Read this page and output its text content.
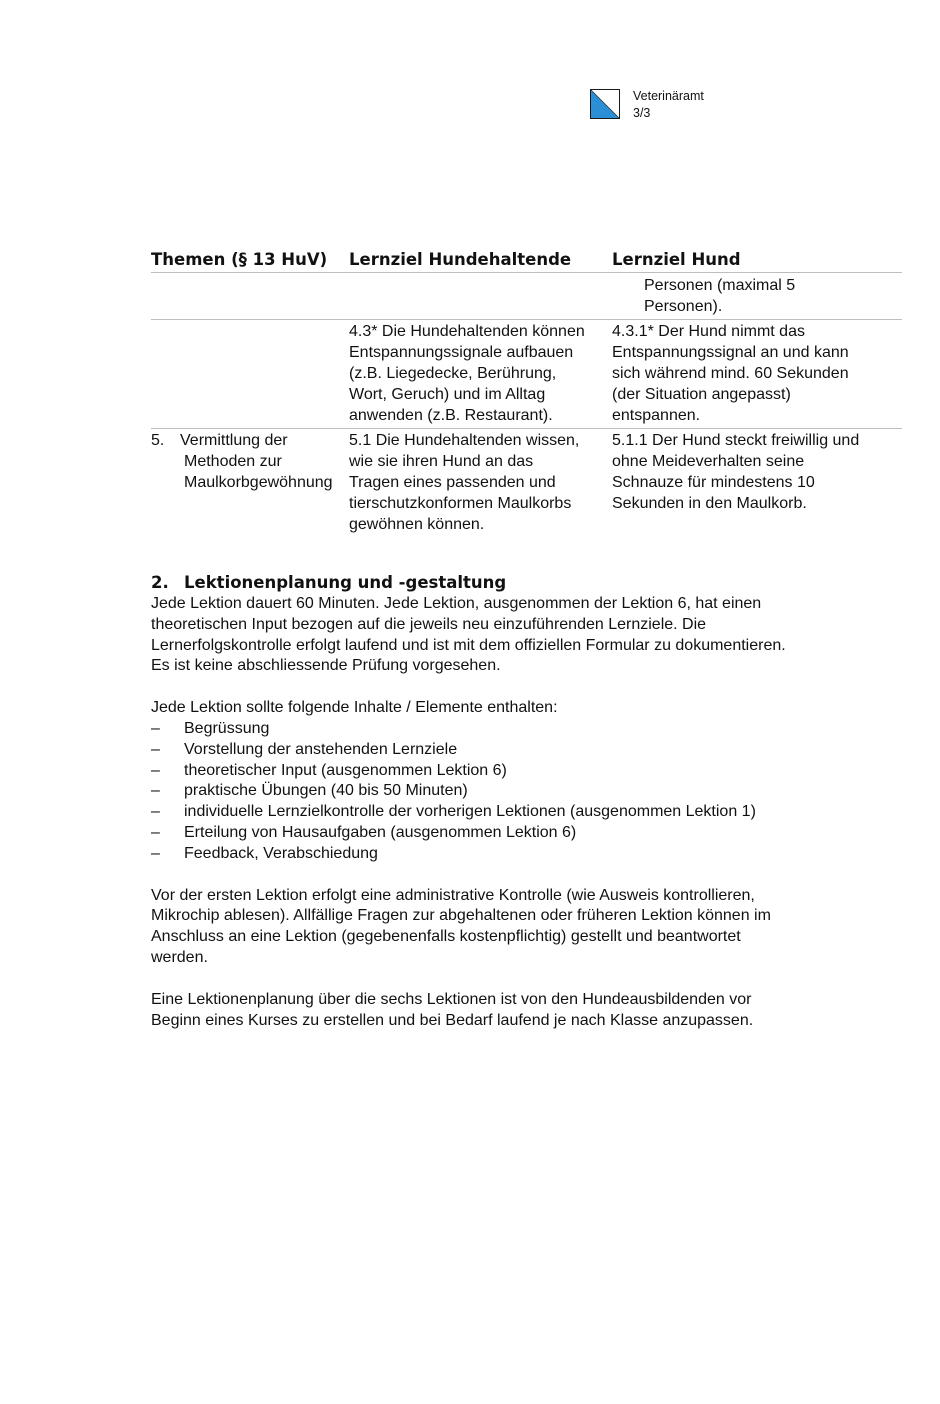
Veterinäramt
3/3
Themen (§ 13 HuV)	Lernziel Hundehaltende	Lernziel Hund
Personen (maximal 5
Personen).
4.3* Die Hundehaltenden können
Entspannungssignale aufbauen
(z.B. Liegedecke, Berührung,
Wort, Geruch) und im Alltag
anwenden (z.B. Restaurant).
4.3.1* Der Hund nimmt das
Entspannungssignal an und kann
sich während mind. 60 Sekunden
(der Situation angepasst)
entspannen.
5. Vermittlung der
Methoden zur
Maulkorbgewöhnung
5.1 Die Hundehaltenden wissen,
wie sie ihren Hund an das
Tragen eines passenden und
tierschutzkonformen Maulkorbs
gewöhnen können.
5.1.1 Der Hund steckt freiwillig und
ohne Meideverhalten seine
Schnauze für mindestens 10
Sekunden in den Maulkorb.
2. Lektionenplanung und -gestaltung
Jede Lektion dauert 60 Minuten. Jede Lektion, ausgenommen der Lektion 6, hat einen
theoretischen Input bezogen auf die jeweils neu einzuführenden Lernziele. Die
Lernerfolgskontrolle erfolgt laufend und ist mit dem offiziellen Formular zu dokumentieren.
Es ist keine abschliessende Prüfung vorgesehen.
Jede Lektion sollte folgende Inhalte / Elemente enthalten:
– Begrüssung
– Vorstellung der anstehenden Lernziele
– theoretischer Input (ausgenommen Lektion 6)
– praktische Übungen (40 bis 50 Minuten)
– individuelle Lernzielkontrolle der vorherigen Lektionen (ausgenommen Lektion 1)
– Erteilung von Hausaufgaben (ausgenommen Lektion 6)
– Feedback, Verabschiedung
Vor der ersten Lektion erfolgt eine administrative Kontrolle (wie Ausweis kontrollieren,
Mikrochip ablesen). Allfällige Fragen zur abgehaltenen oder früheren Lektion können im
Anschluss an eine Lektion (gegebenenfalls kostenpflichtig) gestellt und beantwortet
werden.
Eine Lektionenplanung über die sechs Lektionen ist von den Hundeausbildenden vor
Beginn eines Kurses zu erstellen und bei Bedarf laufend je nach Klasse anzupassen.
